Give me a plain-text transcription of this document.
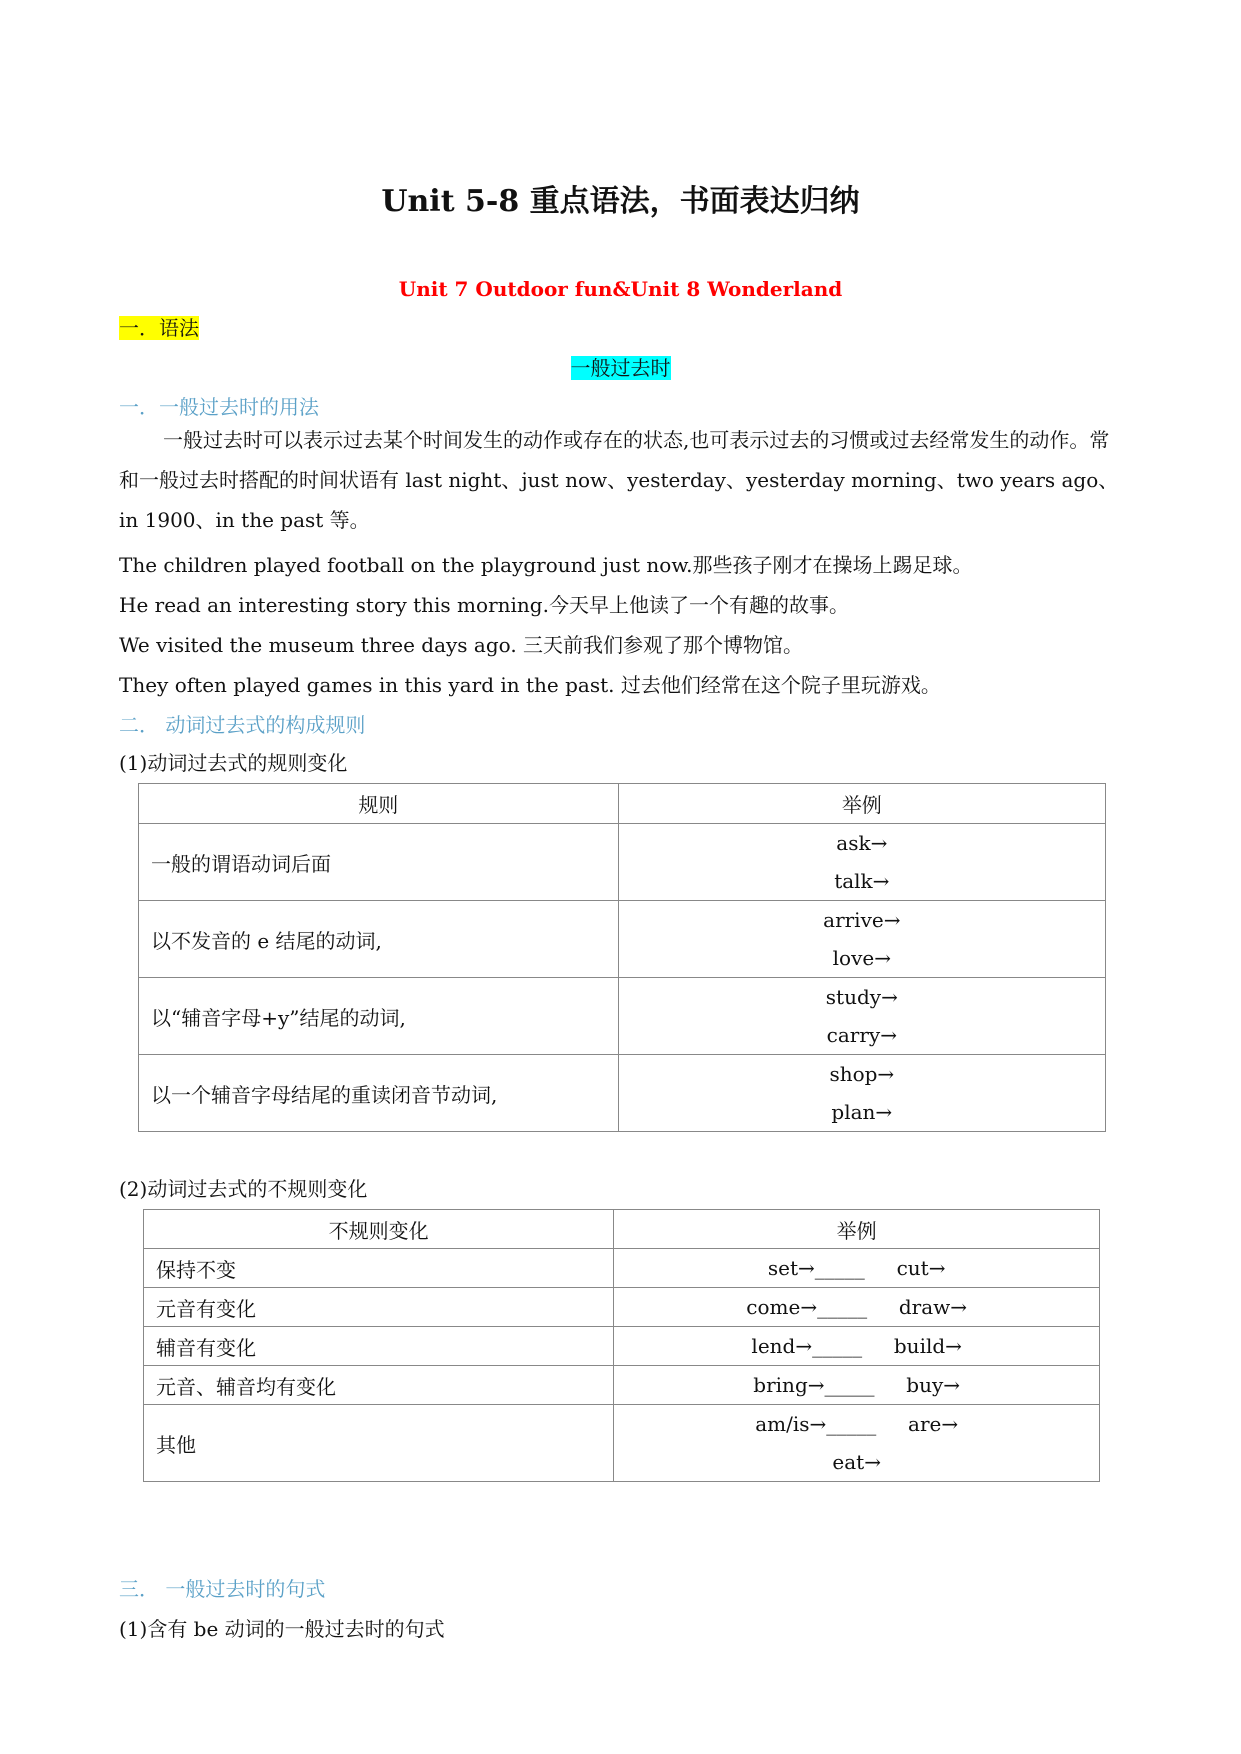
Unit 5-8 重点语法，书面表达归纳

Unit 7 Outdoor fun&Unit 8 Wonderland

一．语法

一般过去时

一．一般过去时的用法

一般过去时可以表示过去某个时间发生的动作或存在的状态,也可表示过去的习惯或过去经常发生的动作。常和一般过去时搭配的时间状语有 last night、just now、yesterday、yesterday morning、two years ago、in 1900、in the past 等。

The children played football on the playground just now.那些孩子刚才在操场上踢足球。

He read an interesting story this morning.今天早上他读了一个有趣的故事。

We visited the museum three days ago. 三天前我们参观了那个博物馆。

They often played games in this yard in the past. 过去他们经常在这个院子里玩游戏。

二． 动词过去式的构成规则

(1)动词过去式的规则变化

规则	举例
一般的谓语动词后面	ask→
talk→

以不发音的 e 结尾的动词,	arrive→
love→

以“辅音字母+y”结尾的动词,	study→
carry→

以一个辅音字母结尾的重读闭音节动词,	shop→
plan→

(2)动词过去式的不规则变化

不规则变化	举例
保持不变	set→_____     cut→
元音有变化	come→_____     draw→
辅音有变化	lend→_____     build→
元音、辅音均有变化	bring→_____     buy→
其他	am/is→_____     are→
eat→

三． 一般过去时的句式

(1)含有 be 动词的一般过去时的句式
